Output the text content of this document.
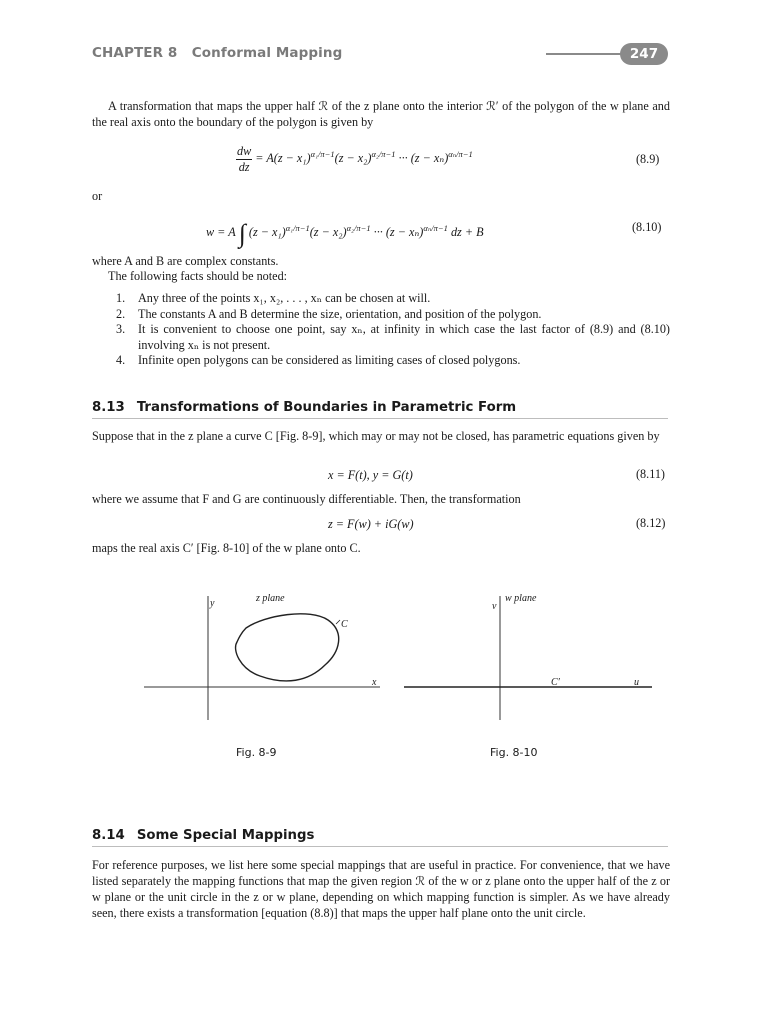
CHAPTER 8 Conformal Mapping	247
A transformation that maps the upper half ℛ of the z plane onto the interior ℛ′ of the polygon of the w plane and the real axis onto the boundary of the polygon is given by
$\frac{dw}{dz} = A(z - x_1)^{\alpha_1/\pi-1}(z - x_2)^{\alpha_2/\pi-1}$ ··· $(z - x_n)^{\alpha_n/\pi-1}$	(8.9)
or
w = A ∫ $(z - x_1)^{\alpha_1/\pi-1}(z - x_2)^{\alpha_2/\pi-1}$ ··· $(z - x_n)^{\alpha_n/\pi-1}$ dz + B	(8.10)
where A and B are complex constants.
The following facts should be noted:
1. Any three of the points x₁, x₂, . . . , xₙ can be chosen at will.
2. The constants A and B determine the size, orientation, and position of the polygon.
3. It is convenient to choose one point, say xₙ, at infinity in which case the last factor of (8.9) and (8.10) involving xₙ is not present.
4. Infinite open polygons can be considered as limiting cases of closed polygons.
8.13 Transformations of Boundaries in Parametric Form
Suppose that in the z plane a curve C [Fig. 8-9], which may or may not be closed, has parametric equations given by
x = F(t), y = G(t)	(8.11)
where we assume that F and G are continuously differentiable. Then, the transformation
z = F(w) + iG(w)	(8.12)
maps the real axis C′ [Fig. 8-10] of the w plane onto C.
y	z plane
C
x
Fig. 8-9
v
w plane
C′	u
Fig. 8-10
8.14 Some Special Mappings
For reference purposes, we list here some special mappings that are useful in practice. For convenience, that we have listed separately the mapping functions that map the given region ℛ of the w or z plane onto the upper half of the z or w plane or the unit circle in the z or w plane, depending on which mapping function is simpler. As we have already seen, there exists a transformation [equation (8.8)] that maps the upper half plane onto the unit circle.
